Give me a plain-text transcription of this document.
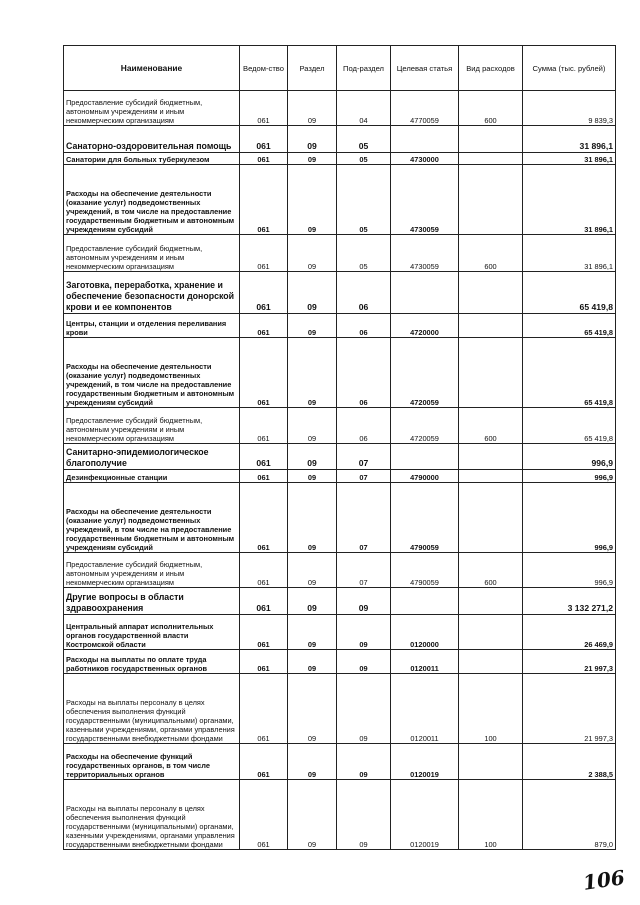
Наименование	Ведом-ство	Раздел	Под-раздел	Целевая статья	Вид расходов	Сумма (тыс. рублей)
Предоставление субсидий бюджетным, автономным учреждениям и иным некоммерческим организациям	061	09	04	4770059	600	9 839,3
Санаторно-оздоровительная помощь	061	09	05			31 896,1
Санатории для больных туберкулезом	061	09	05	4730000		31 896,1
Расходы на обеспечение деятельности (оказание услуг) подведомственных учреждений, в том числе на предоставление государственным бюджетным и автономным учреждениям субсидий	061	09	05	4730059		31 896,1
Предоставление субсидий бюджетным, автономным учреждениям и иным некоммерческим организациям	061	09	05	4730059	600	31 896,1
Заготовка, переработка, хранение и обеспечение безопасности донорской крови и ее компонентов	061	09	06			65 419,8
Центры, станции и отделения переливания крови	061	09	06	4720000		65 419,8
Расходы на обеспечение деятельности (оказание услуг) подведомственных учреждений, в том числе на предоставление государственным бюджетным и автономным учреждениям субсидий	061	09	06	4720059		65 419,8
Предоставление субсидий бюджетным, автономным учреждениям и иным некоммерческим организациям	061	09	06	4720059	600	65 419,8
Санитарно-эпидемиологическое благополучие	061	09	07			996,9
Дезинфекционные станции	061	09	07	4790000		996,9
Расходы на обеспечение деятельности (оказание услуг) подведомственных учреждений, в том числе на предоставление государственным бюджетным и автономным учреждениям субсидий	061	09	07	4790059		996,9
Предоставление субсидий бюджетным, автономным учреждениям и иным некоммерческим организациям	061	09	07	4790059	600	996,9
Другие вопросы в области здравоохранения	061	09	09			3 132 271,2
Центральный аппарат исполнительных органов государственной власти Костромской области	061	09	09	0120000		26 469,9
Расходы на выплаты по оплате труда работников государственных органов	061	09	09	0120011		21 997,3
Расходы на выплаты персоналу в целях обеспечения выполнения функций государственными (муниципальными) органами, казенными учреждениями, органами управления государственными внебюджетными фондами	061	09	09	0120011	100	21 997,3
Расходы на обеспечение функций государственных органов, в том числе территориальных органов	061	09	09	0120019		2 388,5
Расходы на выплаты персоналу в целях обеспечения выполнения функций государственными (муниципальными) органами, казенными учреждениями, органами управления государственными внебюджетными фондами	061	09	09	0120019	100	879,0
106
